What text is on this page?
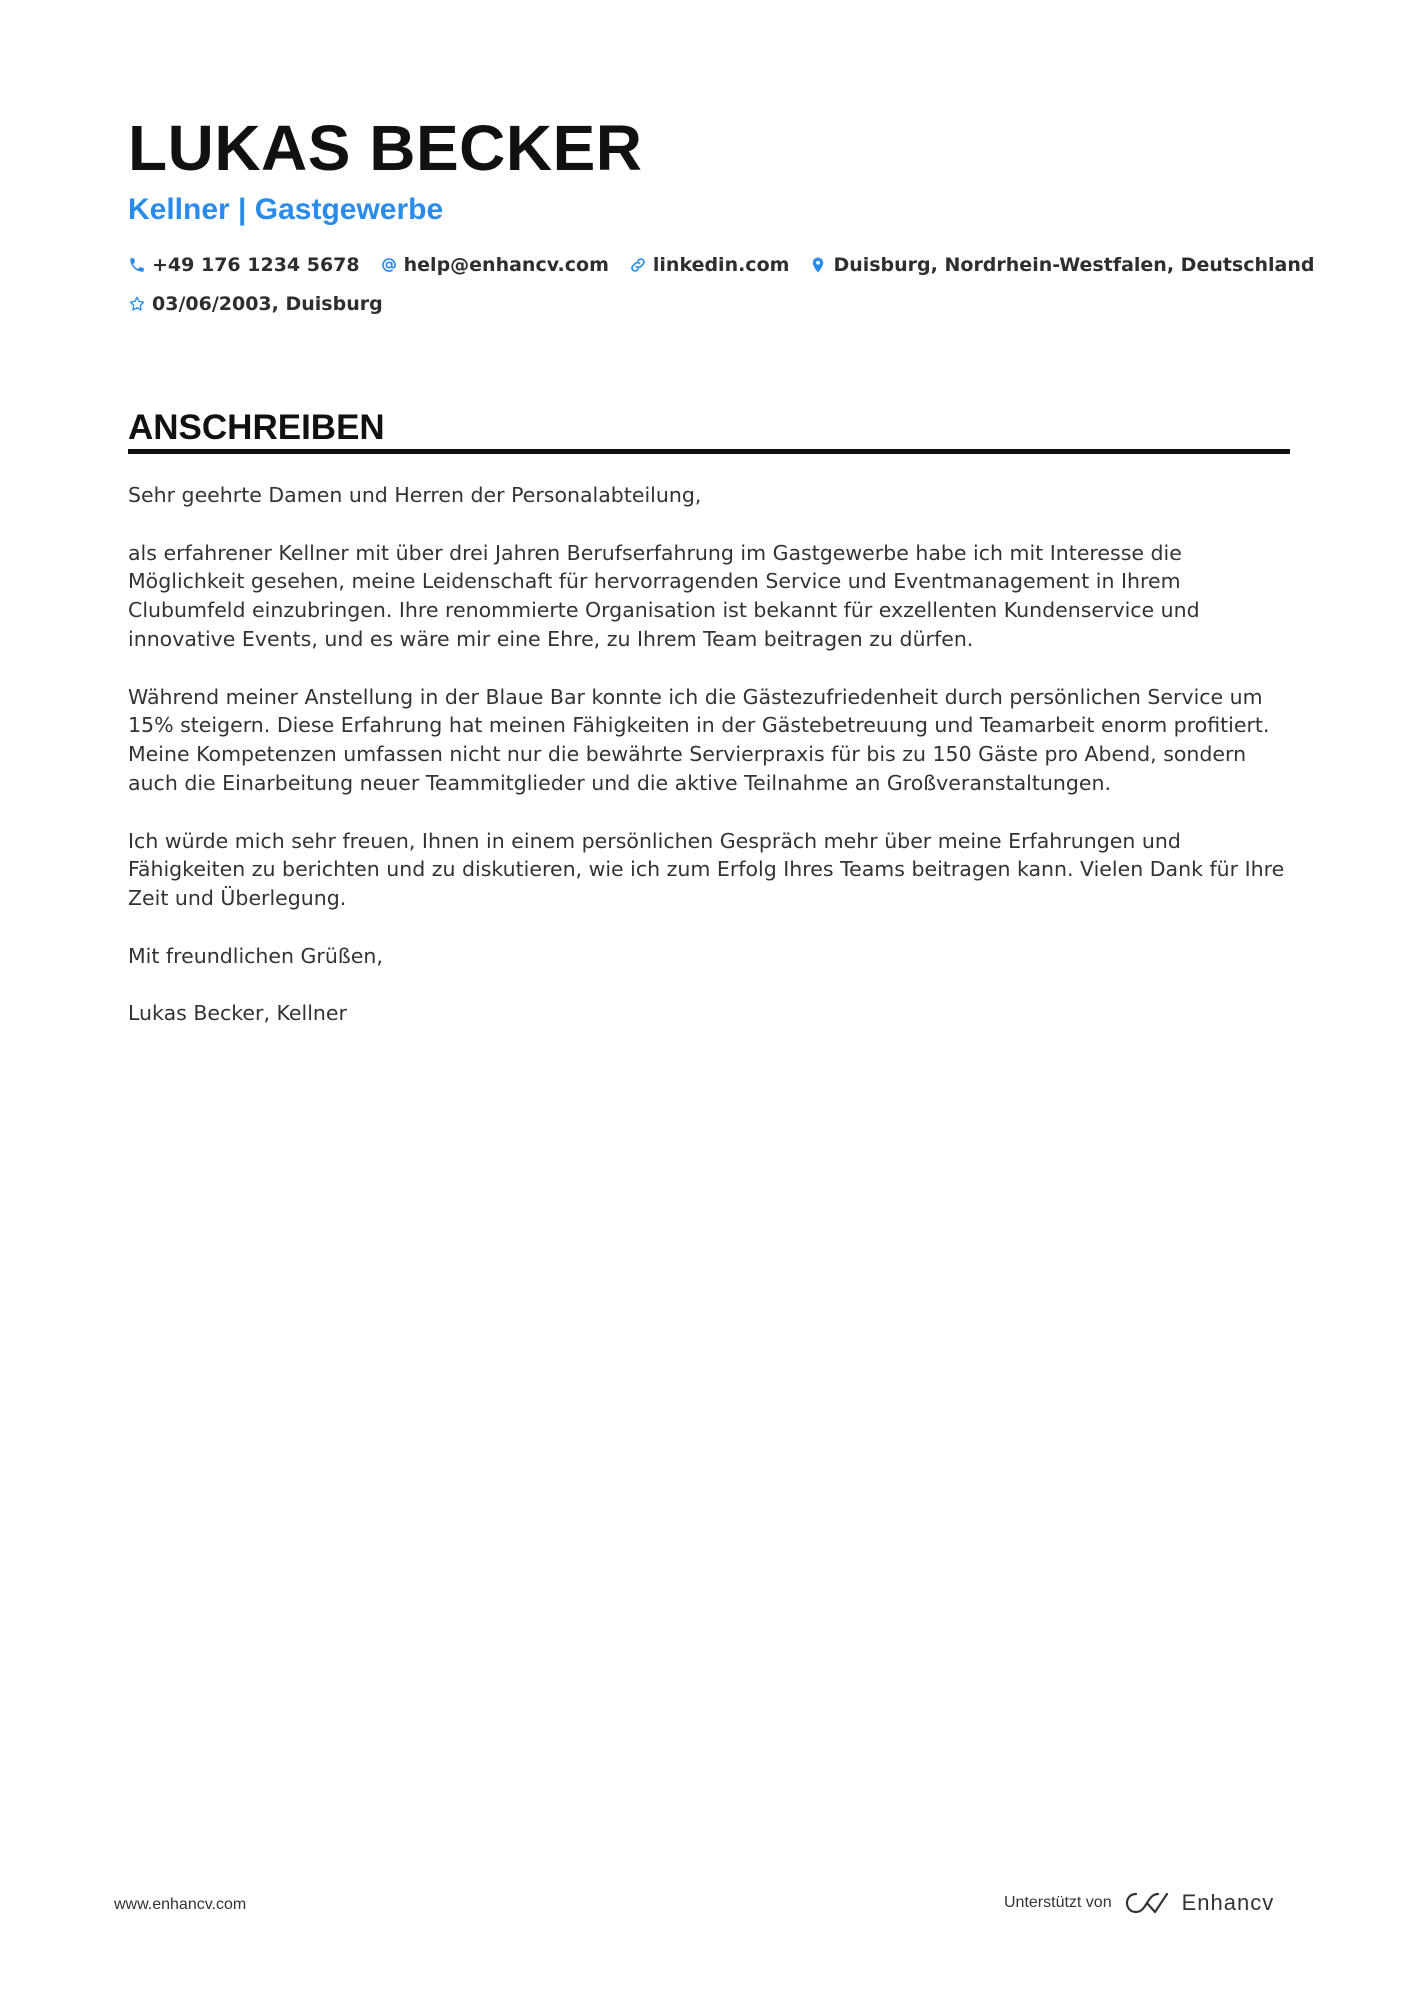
LUKAS BECKER
Kellner | Gastgewerbe
+49 176 1234 5678 help@enhancv.com linkedin.com Duisburg, Nordrhein-Westfalen, Deutschland
03/06/2003, Duisburg
ANSCHREIBEN

Sehr geehrte Damen und Herren der Personalabteilung,

als erfahrener Kellner mit über drei Jahren Berufserfahrung im Gastgewerbe habe ich mit Interesse die Möglichkeit gesehen, meine Leidenschaft für hervorragenden Service und Eventmanagement in Ihrem Clubumfeld einzubringen. Ihre renommierte Organisation ist bekannt für exzellenten Kundenservice und innovative Events, und es wäre mir eine Ehre, zu Ihrem Team beitragen zu dürfen.

Während meiner Anstellung in der Blaue Bar konnte ich die Gästezufriedenheit durch persönlichen Service um 15% steigern. Diese Erfahrung hat meinen Fähigkeiten in der Gästebetreuung und Teamarbeit enorm profitiert. Meine Kompetenzen umfassen nicht nur die bewährte Servierpraxis für bis zu 150 Gäste pro Abend, sondern auch die Einarbeitung neuer Teammitglieder und die aktive Teilnahme an Großveranstaltungen.

Ich würde mich sehr freuen, Ihnen in einem persönlichen Gespräch mehr über meine Erfahrungen und Fähigkeiten zu berichten und zu diskutieren, wie ich zum Erfolg Ihres Teams beitragen kann. Vielen Dank für Ihre Zeit und Überlegung.

Mit freundlichen Grüßen,

Lukas Becker, Kellner

www.enhancv.com	Unterstützt von	Enhancv
